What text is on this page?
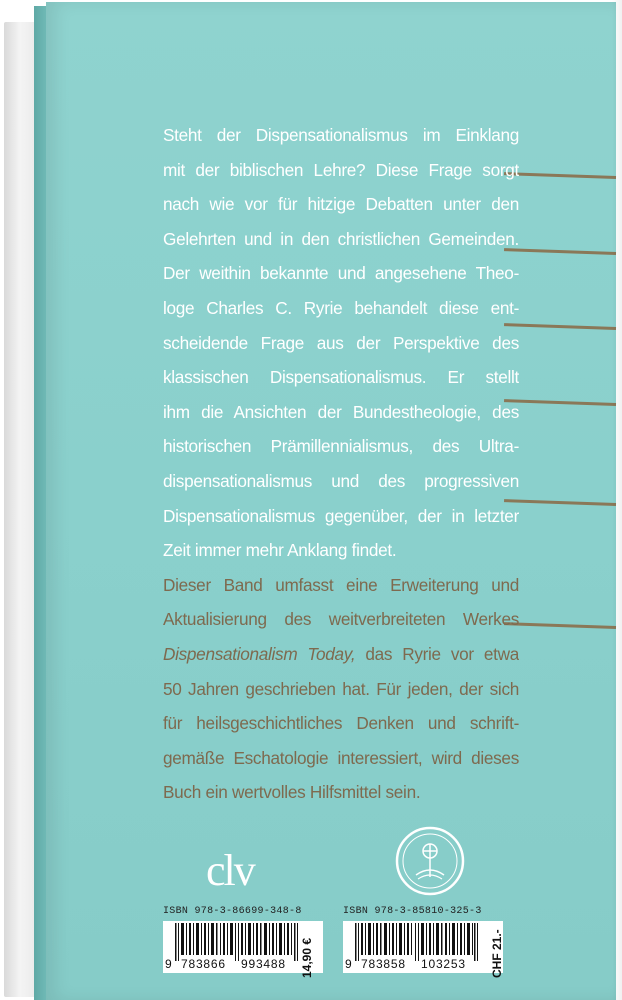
Steht der Dispensationalismus im Einklang
mit der biblischen Lehre? Diese Frage sorgt
nach wie vor für hitzige Debatten unter den
Gelehrten und in den christlichen Gemeinden.
Der weithin bekannte und angesehene Theo-
loge Charles C. Ryrie behandelt diese ent-
scheidende Frage aus der Perspektive des
klassischen Dispensationalismus. Er stellt
ihm die Ansichten der Bundestheologie, des
historischen Prämillennialismus, des Ultra-
dispensationalismus und des progressiven
Dispensationalismus gegenüber, der in letzter
Zeit immer mehr Anklang findet.
Dieser Band umfasst eine Erweiterung und
Aktualisierung des weitverbreiteten Werkes
Dispensationalism Today, das Ryrie vor etwa
50 Jahren geschrieben hat. Für jeden, der sich
für heilsgeschichtliches Denken und schrift-
gemäße Eschatologie interessiert, wird dieses
Buch ein wertvolles Hilfsmittel sein.
clv
ISBN 978-3-86699-348-8
9 783866 993488 14,90 €
ISBN 978-3-85810-325-3
9 783858 103253 CHF 21.-
